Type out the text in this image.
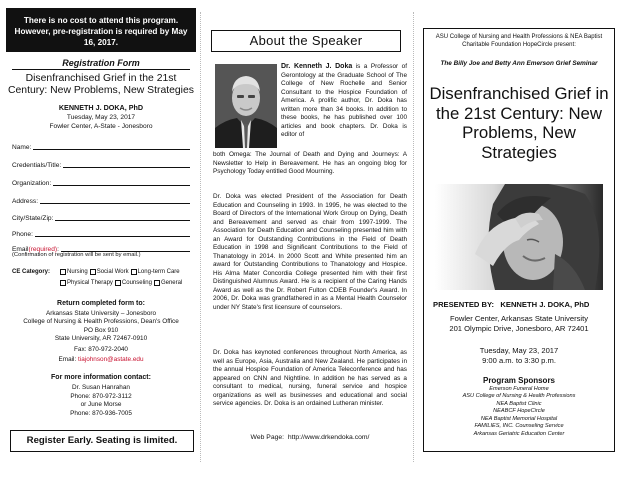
There is no cost to attend this program. However, pre-registration is required by May 16, 2017.
Registration Form
Disenfranchised Grief in the 21st Century: New Problems, New Strategies
KENNETH J. DOKA, PhD
Tuesday, May 23, 2017
Fowler Center, A-State - Jonesboro
Name:
Credentials/Title:
Organization:
Address:
City/State/Zip:
Phone:
Email(required):
(Confirmation of registration will be sent by email.)
CE Category:	Nursing Social Work Long-term Care
Physical Therapy Counseling General
Return completed form to:
Arkansas State University – Jonesboro
College of Nursing & Health Professions, Dean's Office
PO Box 910
State University, AR 72467-0910
Fax: 870-972-2040
Email: tiajohnson@astate.edu
For more information contact:
Dr. Susan Hanrahan
Phone: 870-972-3112
or June Morse
Phone: 870-936-7005
Register Early. Seating is limited.
About the Speaker
Dr. Kenneth J. Doka is a Professor of Gerontology at the Graduate School of The College of New Rochelle and Senior Consultant to the Hospice Foundation of America. A prolific author, Dr. Doka has written more than 34 books. In addition to these books, he has published over 100 articles and book chapters. Dr. Doka is editor of
both Omega: The Journal of Death and Dying and Journeys: A Newsletter to Help in Bereavement. He has an ongoing blog for Psychology Today entitled Good Mourning.
Dr. Doka was elected President of the Association for Death Education and Counseling in 1993. In 1995, he was elected to the Board of Directors of the International Work Group on Dying, Death and Bereavement and served as chair from 1997-1999. The Association for Death Education and Counseling presented him with an Award for Outstanding Contributions in the Field of Death Education in 1998 and Significant Contributions to the Field of Thanatology in 2014. In 2000 Scott and White presented him an award for Outstanding Contributions to Thanatology and Hospice. His Alma Mater Concordia College presented him with their first Distinguished Alumnus Award. He is a recipient of the Caring Hands Award as well as the Dr. Robert Fulton CDEB Founder's Award. In 2006, Dr. Doka was grandfathered in as a Mental Health Counselor under NY State's first licensure of counselors.
Dr. Doka has keynoted conferences throughout North America, as well as Europe, Asia, Australia and New Zealand. He participates in the annual Hospice Foundation of America Teleconference and has appeared on CNN and Nightline. In addition he has served as a consultant to medical, nursing, funeral service and hospice organizations as well as businesses and educational and social service agencies. Dr. Doka is an ordained Lutheran minister.
Web Page: http://www.drkendoka.com/
ASU College of Nursing and Health Professions & NEA Baptist Charitable Foundation HopeCircle present:
The Billy Joe and Betty Ann Emerson Grief Seminar
Disenfranchised Grief in the 21st Century: New Problems, New Strategies
PRESENTED BY: KENNETH J. DOKA, PhD
Fowler Center, Arkansas State University
201 Olympic Drive, Jonesboro, AR 72401
Tuesday, May 23, 2017
9:00 a.m. to 3:30 p.m.
Program Sponsors
Emerson Funeral Home
ASU College of Nursing & Health Professions
NEA Baptist Clinic
NEABCF HopeCircle
NEA Baptist Memorial Hospital
FAMILIES, INC. Counseling Service
Arkansas Geriatric Education Center
